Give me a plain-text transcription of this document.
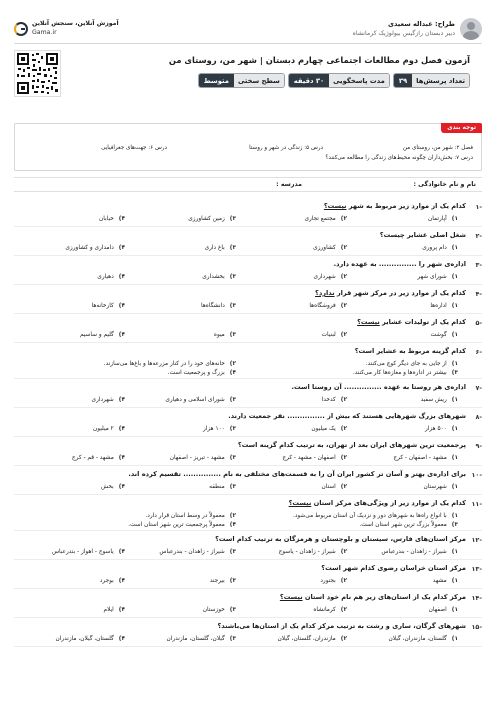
طراح: عبداله سعیدی
دبیر دبستان رازگیس بیولوژیک کرمانشاه
آموزش آنلاین، سنجش آنلاین
Gama.ir
آزمون فصل دوم مطالعات اجتماعی چهارم دبستان | شهر من، روستای من
تعداد پرسش‌ها
۳۹
مدت پاسخگویی
۳۰ دقیقه
سطح سختی
متوسط
توجه بندی
فصل ۲: شهر من، روستای من
درس ۵: زندگی در شهر و روستا
درس ۶: جهت‌های جغرافیایی
درس ۷: بخش‌داران چگونه محیط‌های زندگی را مطالعه می‌کنند؟
نام و نام خانوادگی :
مدرسه :
-۱
کدام یک از موارد زیر مربوط به شهر نیست؟
۱)
آپارتمان
۲)
مجتمع تجاری
۳)
زمین کشاورزی
۴)
خیابان
-۲
شغل اصلی عشایر چیست؟
۱)
دام پروری
۲)
کشاورزی
۳)
باغ داری
۴)
دامداری و کشاورزی
-۳
اداره‌ی شهر را ............... به عهده دارد.
۱)
شورای شهر
۲)
شهرداری
۳)
بخشداری
۴)
دهیاری
-۴
کدام یک از موارد زیر در مرکز شهر قرار ندارد؟
۱)
اداره‌ها
۲)
فروشگاه‌ها
۳)
دانشگاه‌ها
۴)
کارخانه‌ها
-۵
کدام یک از تولیدات عشایر نیست؟
۱)
گوشت
۲)
لبنیات
۳)
میوه
۴)
گلیم و ساسیم
-۶
کدام گزینه مربوط به عشایر است؟
۱)
از جایی به جای دیگر کوچ می‌کنند.
۲)
خانه‌های خود را در کنار مزرعه‌ها و باغ‌ها می‌سازند.
۳)
بیشتر در اداره‌ها و مغازه‌ها کار می‌کنند.
۴)
بزرگ و پرجمعیت است.
-۷
اداره‌ی هر روستا به عهده ............... آن روستا است.
۱)
ریش سفید
۲)
کدخدا
۳)
شورای اسلامی و دهیاری
۴)
شهرداری
-۸
شهرهای بزرگ شهرهایی هستند که بیش از ............... نفر جمعیت دارند.
۱)
۵۰۰ هزار
۲)
یک میلیون
۳)
۱۰۰ هزار
۴)
۲ میلیون
-۹
پرجمعیت ترین شهرهای ایران بعد از تهران، به ترتیب کدام گزینه است؟
۱)
مشهد - اصفهان - کرج
۲)
اصفهان - مشهد - کرج
۳)
مشهد - تبریز - اصفهان
۴)
مشهد - قم - کرج
-۱۰
برای اداره‌ی بهتر و آسان تر کشور ایران آن را به قسمت‌های مختلفی به نام ............... تقسیم کرده اند.
۱)
شهرستان
۲)
استان
۳)
منطقه
۴)
بخش
-۱۱
کدام یک از موارد زیر از ویژگی‌های مرکز استان نیست؟
۱)
با انواع راه‌ها به شهرهای دور و نزدیک آن استان مربوط می‌شود.
۲)
معمولاً در وسط استان قرار دارد.
۳)
معمولاً بزرگ ترین شهر استان است.
۴)
معمولاً پرجمعیت ترین شهر استان است.
-۱۲
مرکز استان‌های فارس، سیستان و بلوچستان و هرمزگان به ترتیب کدام است؟
۱)
شیراز - زاهدان - بندرعباس
۲)
شیراز - زاهدان - یاسوج
۳)
شیراز - زاهدان - بندرعباس
۴)
یاسوج - اهواز - بندرعباس
-۱۳
مرکز استان خراسان رضوی کدام شهر است؟
۱)
مشهد
۲)
بجنورد
۳)
بیرجند
۴)
بوجرد
-۱۴
مرکز کدام یک از استان‌های زیر هم نام خود استان نیست؟
۱)
اصفهان
۲)
کرمانشاه
۳)
خوزستان
۴)
ایلام
-۱۵
شهرهای گرگان، ساری و رشت به ترتیب مرکز کدام یک از استان‌ها می‌باشند؟
۱)
گلستان، مازندران، گیلان
۲)
مازندران، گلستان، گیلان
۳)
گیلان، گلستان، مازندران
۴)
گلستان، گیلان، مازندران
